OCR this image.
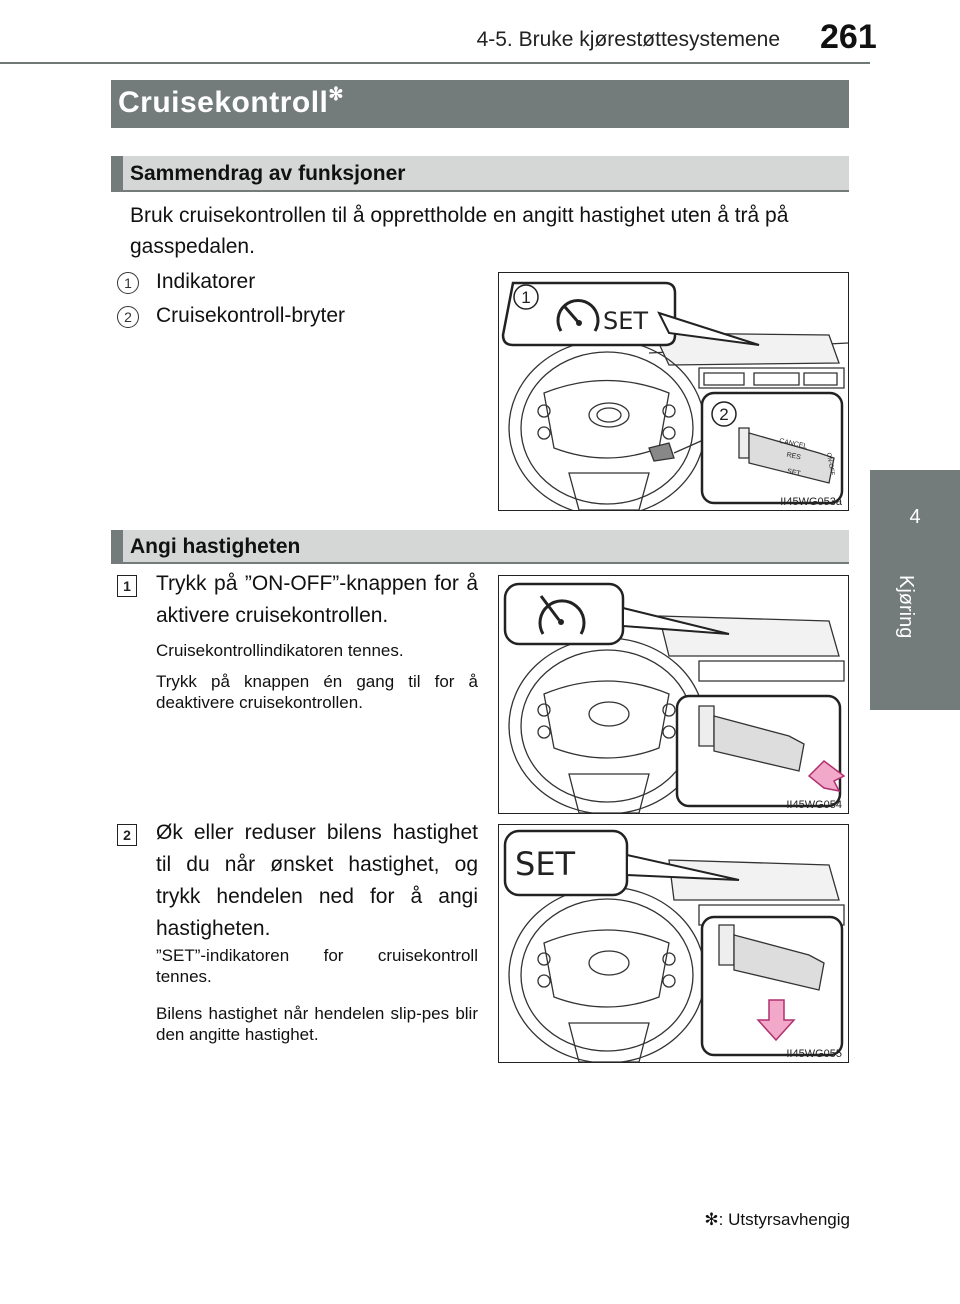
4-5. Bruke kjørestøttesystemene 261
4
Kjøring
Cruisekontroll✻
Sammendrag av funksjoner
Bruk cruisekontrollen til å opprettholde en angitt hastighet uten å trå på gasspedalen.
1	Indikatorer
2	Cruisekontroll-bryter
1
SET
2
CANCEL
RES
SET	ON-OFF
II45WG053a
Angi hastigheten
1 Trykk på ”ON-OFF”-knappen for å aktivere cruisekontrollen.
Cruisekontrollindikatoren tennes.
Trykk på knappen én gang til for å deaktivere cruisekontrollen.
II45WG054
2 Øk eller reduser bilens hastighet til du når ønsket hastighet, og trykk hendelen ned for å angi hastigheten.
”SET”-indikatoren for cruisekontroll tennes.
Bilens hastighet når hendelen slip-pes blir den angitte hastighet.
SET
II45WG055
✻: Utstyrsavhengig
